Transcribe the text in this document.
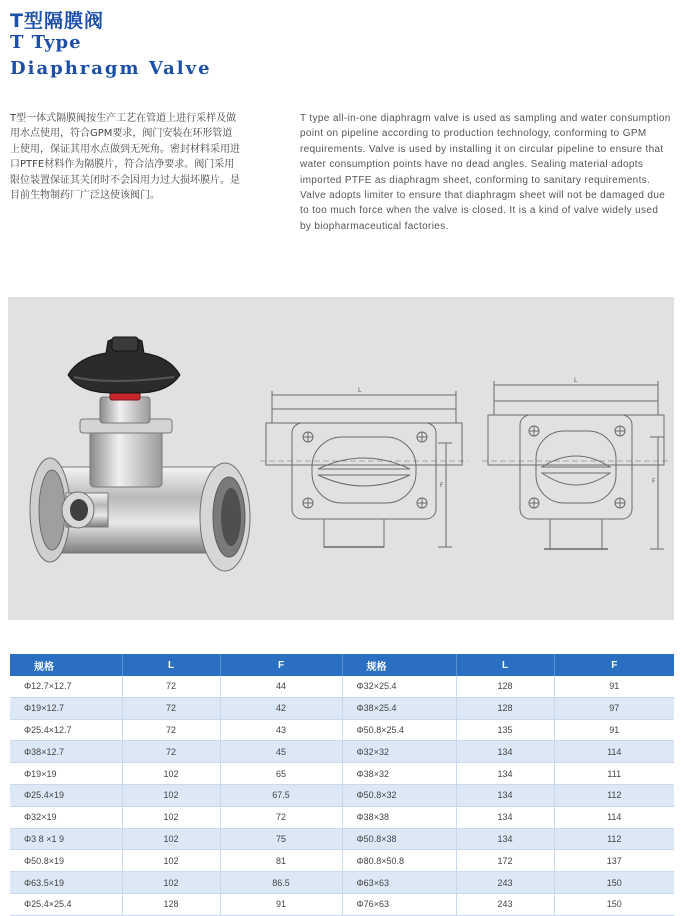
T型隔膜阀
T Type
Diaphragm Valve
T型一体式隔膜阀按生产工艺在管道上进行采样及做用水点使用，符合GPM要求，阀门安装在环形管道上使用，保证其用水点做到无死角。密封材料采用进口PTFE材料作为隔膜片，符合洁净要求。阀门采用限位装置保证其关闭时不会因用力过大损坏膜片。是目前生物制药厂广泛这使该阀门。
T type all-in-one diaphragm valve is used as sampling and water consumption point on pipeline according to production technology, conforming to GPM requirements. Valve is used by installing it on circular pipeline to ensure that water consumption points have no dead angles. Sealing material adopts imported PTFE as diaphragm sheet, conforming to sanitary requirements. Valve adopts limiter to ensure that diaphragm sheet will not be damaged due to too much force when the valve is closed. It is a kind of valve widely used by biopharmaceutical factories.
L
F
L
F
规格	L	F	规格	L	F
Φ12.7×12.7	72	44	Φ32×25.4	128	91
Φ19×12.7	72	42	Φ38×25.4	128	97
Φ25.4×12.7	72	43	Φ50.8×25.4	135	91
Φ38×12.7	72	45	Φ32×32	134	114
Φ19×19	102	65	Φ38×32	134	111
Φ25.4×19	102	67.5	Φ50.8×32	134	112
Φ32×19	102	72	Φ38×38	134	114
Φ3 8 ×1 9	102	75	Φ50.8×38	134	112
Φ50.8×19	102	81	Φ80.8×50.8	172	137
Φ63.5×19	102	86.5	Φ63×63	243	150
Φ25.4×25.4	128	91	Φ76×63	243	150
